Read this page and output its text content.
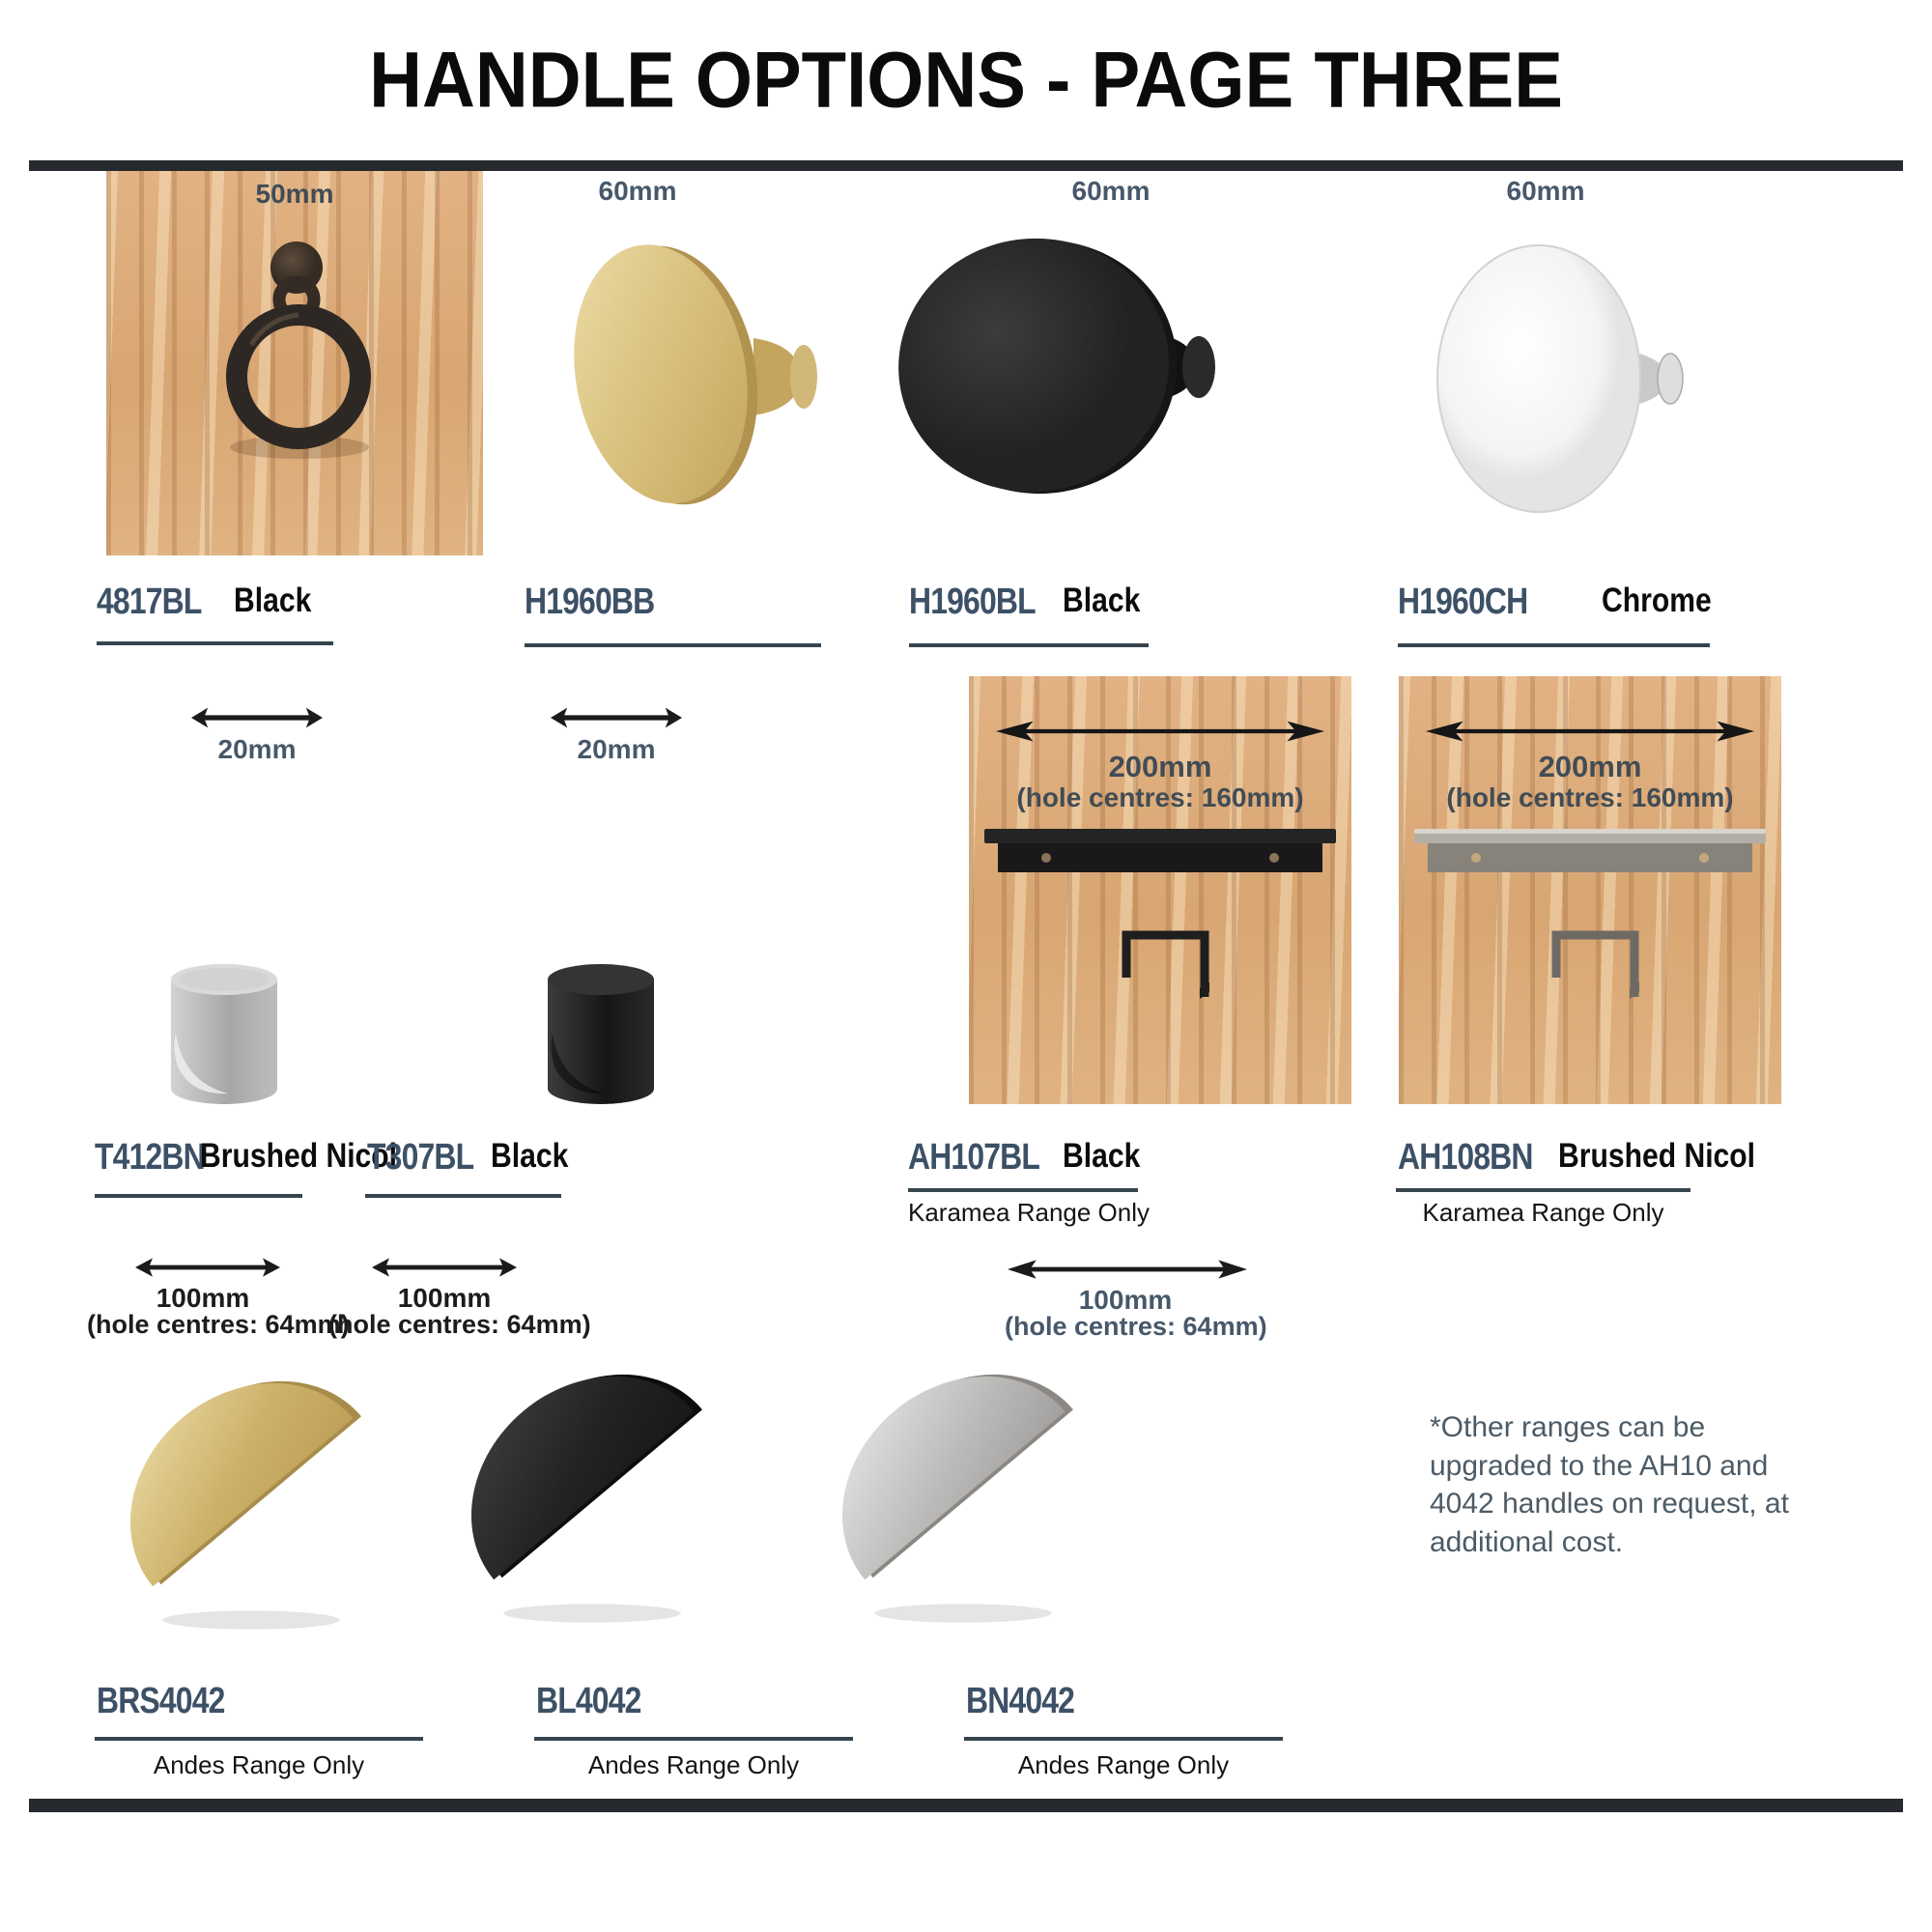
HANDLE OPTIONS - PAGE THREE
50mm	60mm	60mm	60mm
4817BL Black	H1960BB	H1960BL Black	H1960CH Chrome
20mm	20mm
200mm
(hole centres: 160mm)
200mm
(hole centres: 160mm)
T412BN
Brushed Nicol
T307BL Black	AH107BL Black
Karamea Range Only
AH108BN Brushed Nicol
Karamea Range Only
100mm
(hole centres: 64mm)
100mm
(hole centres: 64mm)
100mm
(hole centres: 64mm)
*Other ranges can be upgraded to the AH10 and 4042 handles on request, at additional cost.
BRS4042
Andes Range Only
BL4042
Andes Range Only
BN4042
Andes Range Only
